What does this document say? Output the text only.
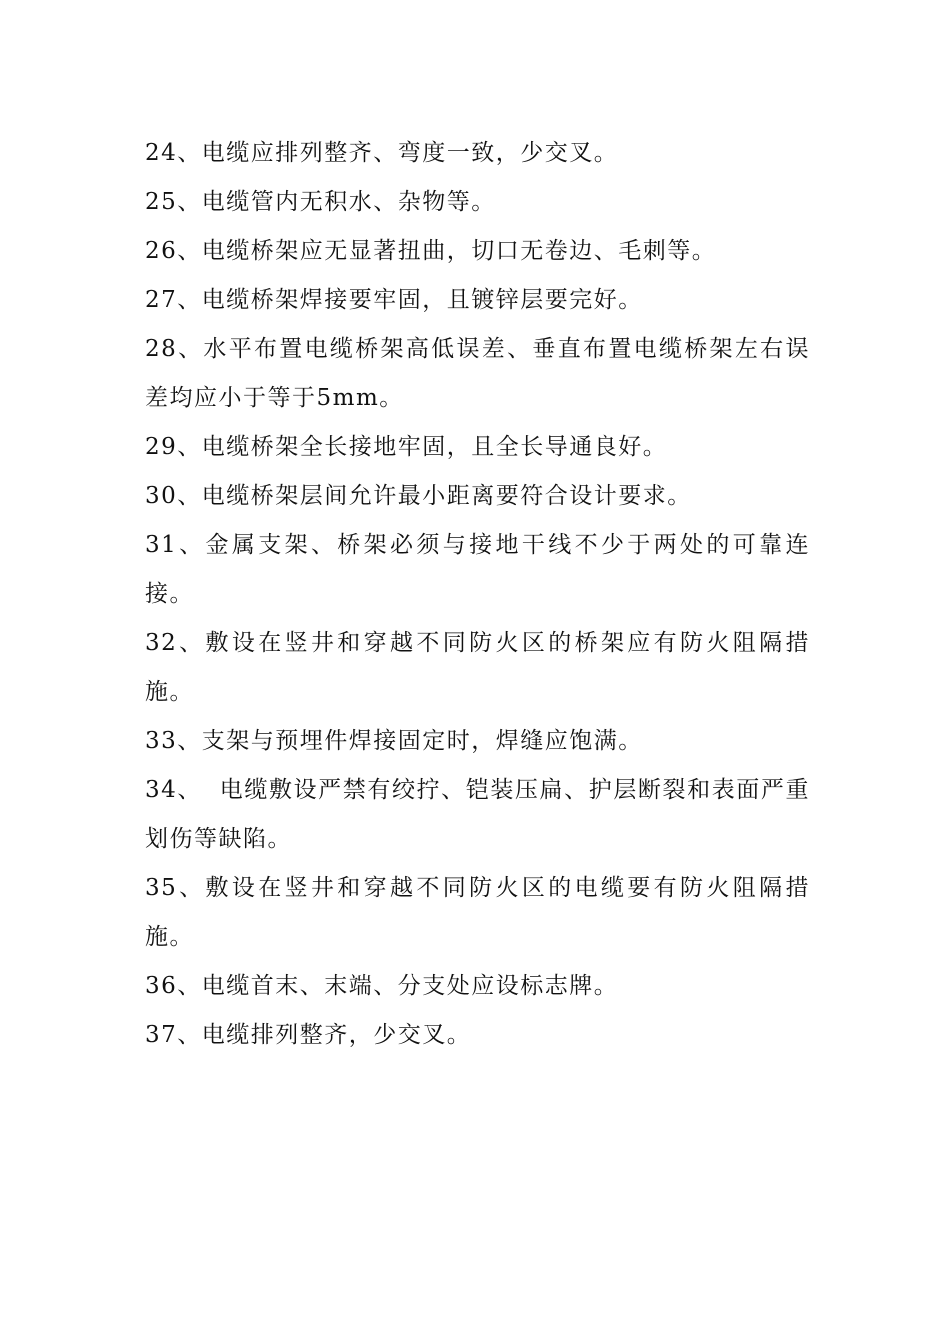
24、电缆应排列整齐、弯度一致，少交叉。

25、电缆管内无积水、杂物等。

26、电缆桥架应无显著扭曲，切口无卷边、毛刺等。

27、电缆桥架焊接要牢固，且镀锌层要完好。

28、水平布置电缆桥架高低误差、垂直布置电缆桥架左右误差均应小于等于5mm。

29、电缆桥架全长接地牢固，且全长导通良好。

30、电缆桥架层间允许最小距离要符合设计要求。

31、金属支架、桥架必须与接地干线不少于两处的可靠连接。

32、敷设在竖井和穿越不同防火区的桥架应有防火阻隔措施。

33、支架与预埋件焊接固定时，焊缝应饱满。

34、  电缆敷设严禁有绞拧、铠装压扁、护层断裂和表面严重划伤等缺陷。

35、敷设在竖井和穿越不同防火区的电缆要有防火阻隔措施。

36、电缆首末、末端、分支处应设标志牌。

37、电缆排列整齐，少交叉。
